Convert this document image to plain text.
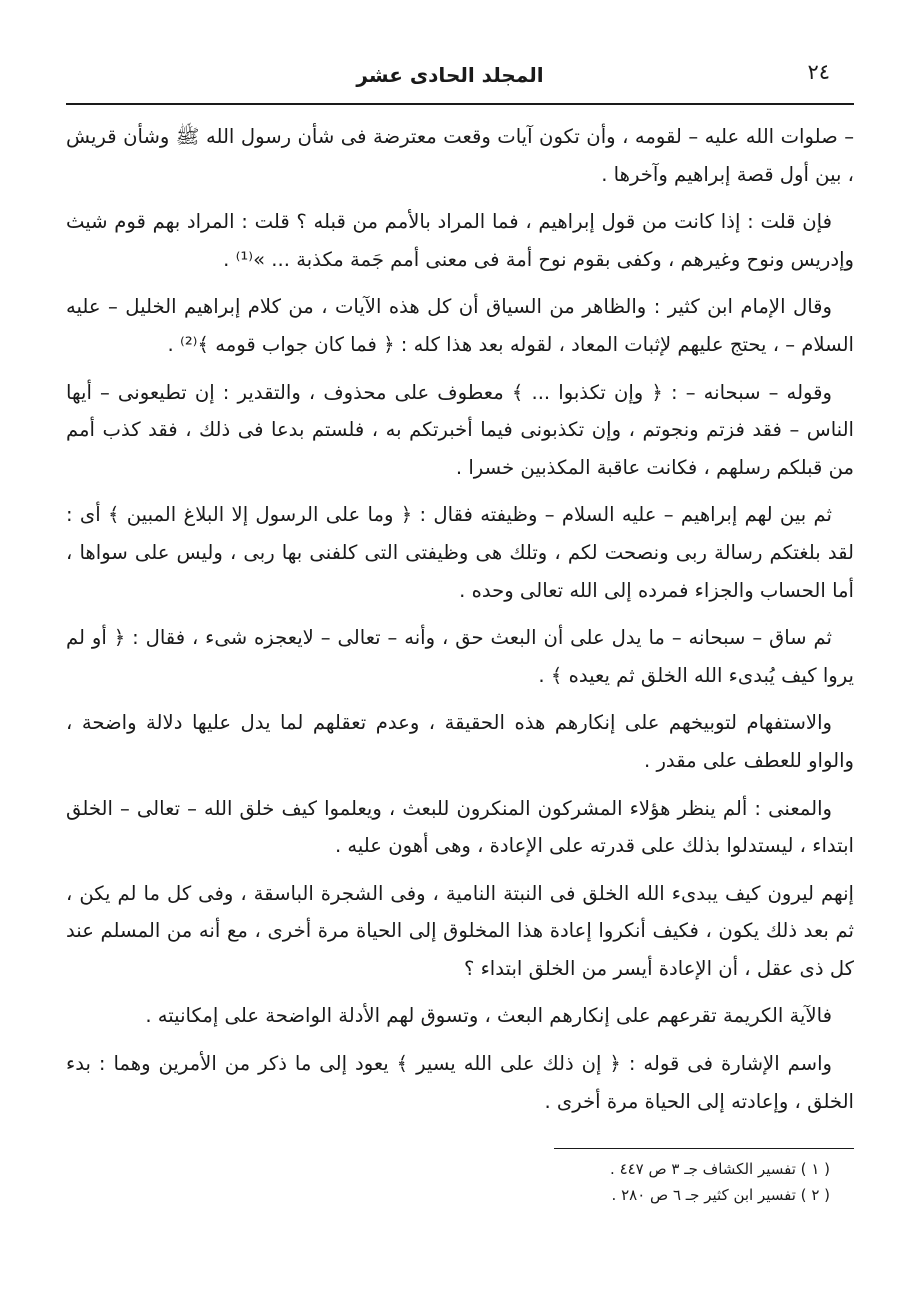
٢٤
المجلد الحادى عشر

– صلوات الله عليه – لقومه ، وأن تكون آيات وقعت معترضة فى شأن رسول الله ﷺ وشأن قريش ، بين أول قصة إبراهيم وآخرها .

فإن قلت : إذا كانت من قول إبراهيم ، فما المراد بالأمم من قبله ؟ قلت : المراد بهم قوم شيث وإدريس ونوح وغيرهم ، وكفى بقوم نوح أمة فى معنى أمم جَمة مكذبة ... »⁽¹⁾ .

وقال الإمام ابن كثير : والظاهر من السياق أن كل هذه الآيات ، من كلام إبراهيم الخليل – عليه السلام – ، يحتج عليهم لإثبات المعاد ، لقوله بعد هذا كله : ﴿ فما كان جواب قومه ﴾⁽²⁾ .

وقوله – سبحانه – : ﴿ وإن تكذبوا ... ﴾ معطوف على محذوف ، والتقدير : إن تطيعونى – أيها الناس – فقد فزتم ونجوتم ، وإن تكذبونى فيما أخبرتكم به ، فلستم بدعا فى ذلك ، فقد كذب أمم من قبلكم رسلهم ، فكانت عاقبة المكذبين خسرا .

ثم بين لهم إبراهيم – عليه السلام – وظيفته فقال : ﴿ وما على الرسول إلا البلاغ المبين ﴾ أى : لقد بلغتكم رسالة ربى ونصحت لكم ، وتلك هى وظيفتى التى كلفنى بها ربى ، وليس على سواها ، أما الحساب والجزاء فمرده إلى الله تعالى وحده .

ثم ساق – سبحانه – ما يدل على أن البعث حق ، وأنه – تعالى – لايعجزه شىء ، فقال : ﴿ أو لم يروا كيف يُبدىء الله الخلق ثم يعيده ﴾ .

والاستفهام لتوبيخهم على إنكارهم هذه الحقيقة ، وعدم تعقلهم لما يدل عليها دلالة واضحة ، والواو للعطف على مقدر .

والمعنى : ألم ينظر هؤلاء المشركون المنكرون للبعث ، ويعلموا كيف خلق الله – تعالى – الخلق ابتداء ، ليستدلوا بذلك على قدرته على الإعادة ، وهى أهون عليه .

إنهم ليرون كيف يبدىء الله الخلق فى النبتة النامية ، وفى الشجرة الباسقة ، وفى كل ما لم يكن ، ثم بعد ذلك يكون ، فكيف أنكروا إعادة هذا المخلوق إلى الحياة مرة أخرى ، مع أنه من المسلم عند كل ذى عقل ، أن الإعادة أيسر من الخلق ابتداء ؟

فالآية الكريمة تقرعهم على إنكارهم البعث ، وتسوق لهم الأدلة الواضحة على إمكانيته .

واسم الإشارة فى قوله : ﴿ إن ذلك على الله يسير ﴾ يعود إلى ما ذكر من الأمرين وهما : بدء الخلق ، وإعادته إلى الحياة مرة أخرى .

( ١ ) تفسير الكشاف جـ ٣ ص ٤٤٧ .

( ٢ ) تفسير ابن كثير جـ ٦ ص ٢٨٠ .
